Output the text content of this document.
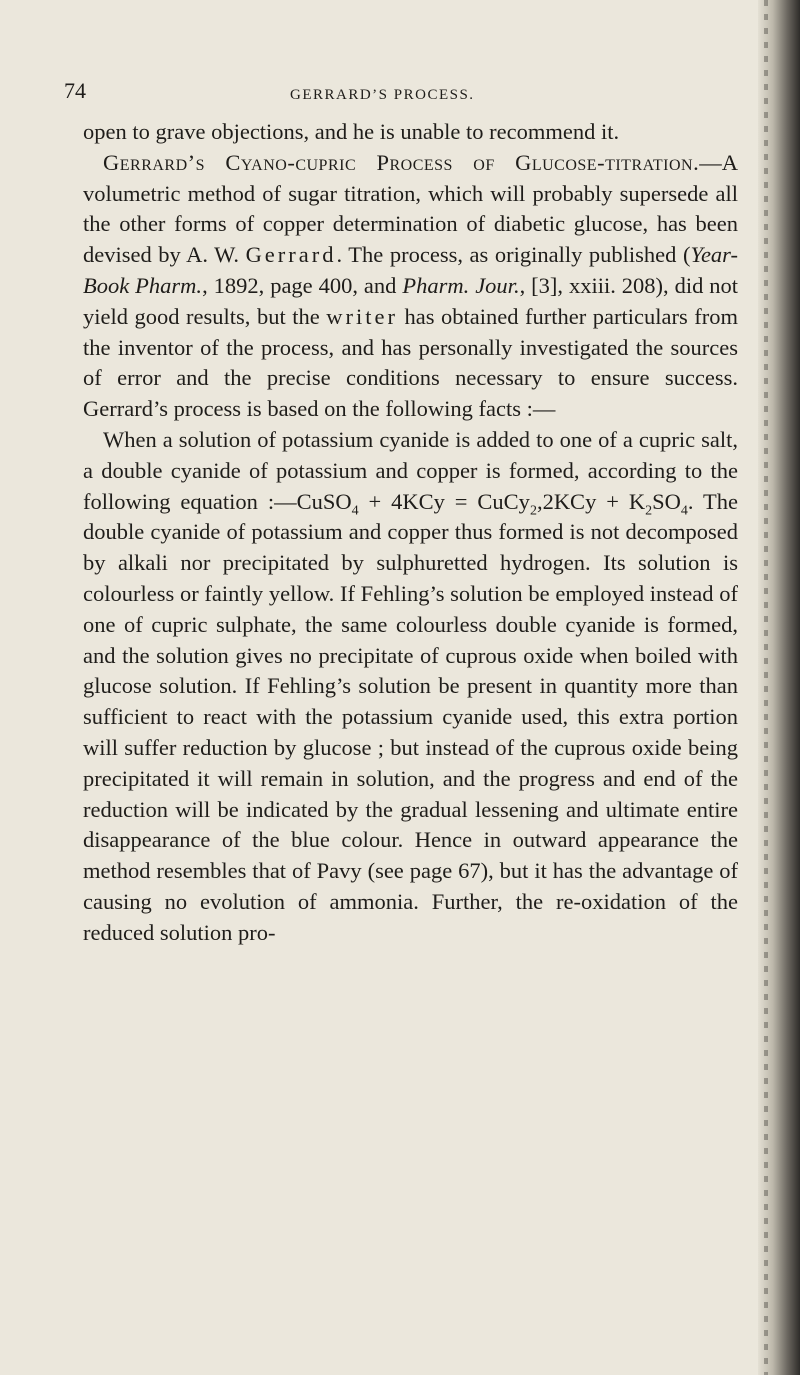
74	GERRARD’S PROCESS.

open to grave objections, and he is unable to recommend it.

Gerrard’s Cyano-cupric Process of Glucose-titration.—A volumetric method of sugar titration, which will probably supersede all the other forms of copper determination of diabetic glucose, has been devised by A. W. Gerrard. The process, as originally published (Year-Book Pharm., 1892, page 400, and Pharm. Jour., [3], xxiii. 208), did not yield good results, but the writer has obtained further particulars from the inventor of the process, and has personally investigated the sources of error and the precise conditions necessary to ensure success. Gerrard’s process is based on the following facts :—

When a solution of potassium cyanide is added to one of a cupric salt, a double cyanide of potassium and copper is formed, according to the following equation :—CuSO$_4$ + 4KCy = CuCy$_2$,2KCy + $K_2SO_4$. The double cyanide of potassium and copper thus formed is not decomposed by alkali nor precipitated by sulphuretted hydrogen. Its solution is colourless or faintly yellow. If Fehling’s solution be employed instead of one of cupric sulphate, the same colourless double cyanide is formed, and the solution gives no precipitate of cuprous oxide when boiled with glucose solution. If Fehling’s solution be present in quantity more than sufficient to react with the potassium cyanide used, this extra portion will suffer reduction by glucose ; but instead of the cuprous oxide being precipitated it will remain in solution, and the progress and end of the reduction will be indicated by the gradual lessening and ultimate entire disappearance of the blue colour. Hence in outward appearance the method resembles that of Pavy (see page 67), but it has the advantage of causing no evolution of ammonia. Further, the re-oxidation of the reduced solution pro-
